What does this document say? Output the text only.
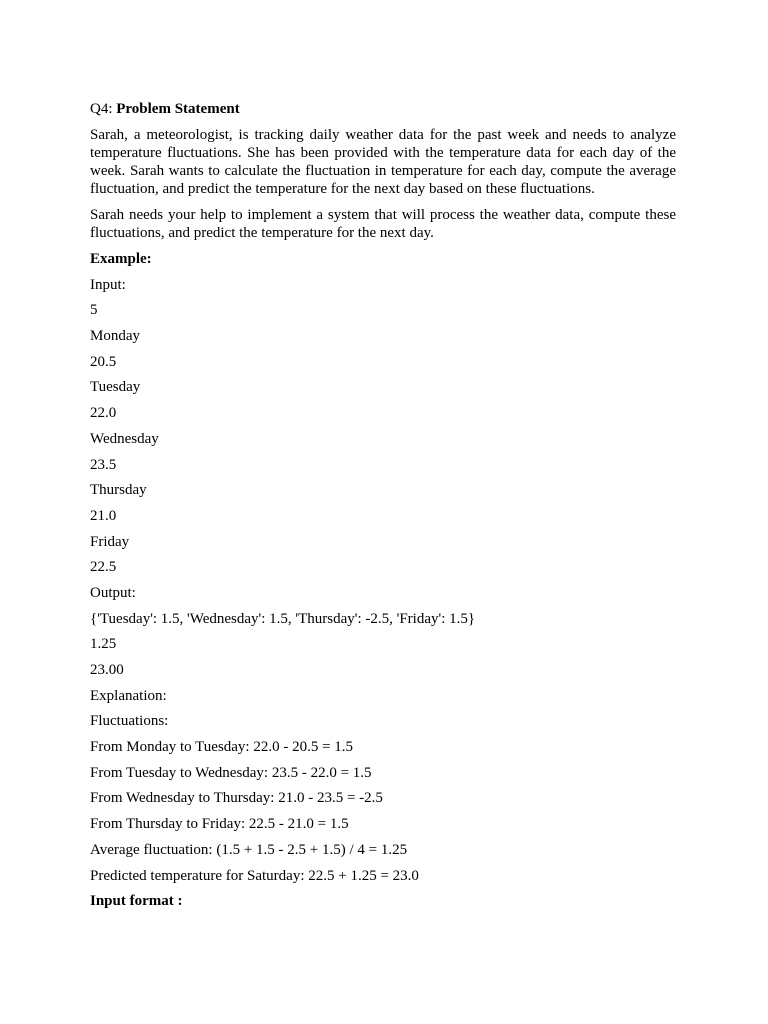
Q4: Problem Statement
Sarah, a meteorologist, is tracking daily weather data for the past week and needs to analyze temperature fluctuations. She has been provided with the temperature data for each day of the week. Sarah wants to calculate the fluctuation in temperature for each day, compute the average fluctuation, and predict the temperature for the next day based on these fluctuations.
Sarah needs your help to implement a system that will process the weather data, compute these fluctuations, and predict the temperature for the next day.
Example:
Input:
5
Monday
20.5
Tuesday
22.0
Wednesday
23.5
Thursday
21.0
Friday
22.5
Output:
{'Tuesday': 1.5, 'Wednesday': 1.5, 'Thursday': -2.5, 'Friday': 1.5}
1.25
23.00
Explanation:
Fluctuations:
From Monday to Tuesday: 22.0 - 20.5 = 1.5
From Tuesday to Wednesday: 23.5 - 22.0 = 1.5
From Wednesday to Thursday: 21.0 - 23.5 = -2.5
From Thursday to Friday: 22.5 - 21.0 = 1.5
Average fluctuation: (1.5 + 1.5 - 2.5 + 1.5) / 4 = 1.25
Predicted temperature for Saturday: 22.5 + 1.25 = 23.0
Input format :
